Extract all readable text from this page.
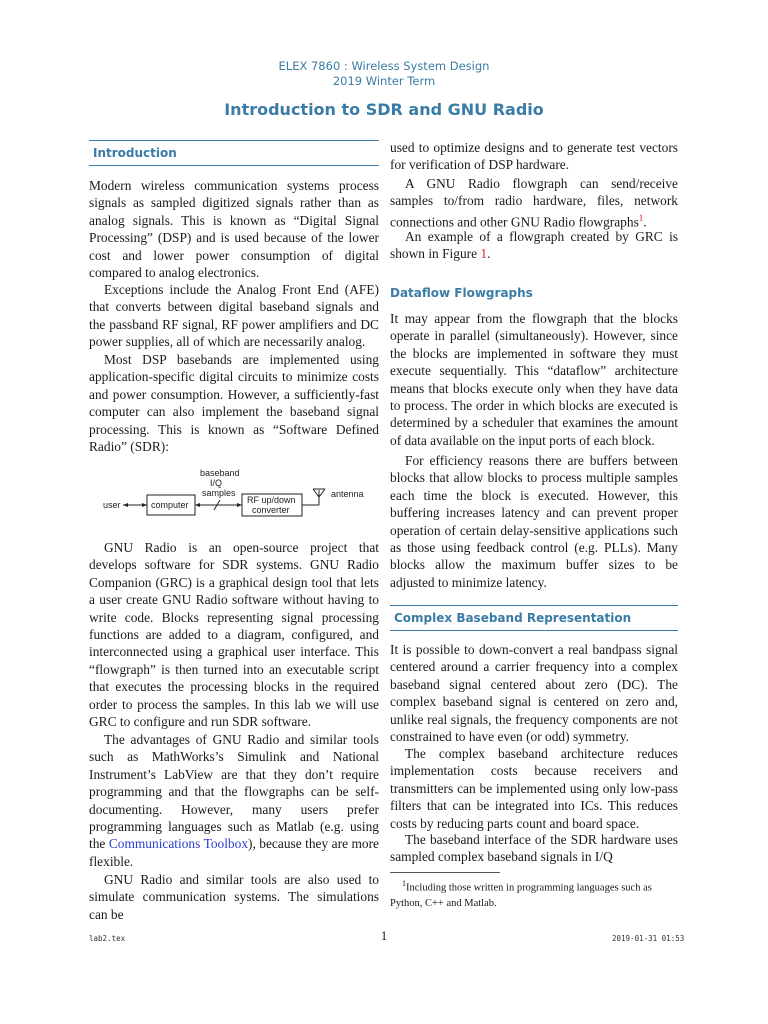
ELEX 7860 : Wireless System Design
2019 Winter Term
Introduction to SDR and GNU Radio
Introduction

Modern wireless communication systems process signals as sampled digitized signals rather than as analog signals. This is known as “Digital Signal Processing” (DSP) and is used because of the lower cost and lower power consumption of digital compared to analog electronics.

Exceptions include the Analog Front End (AFE) that converts between digital baseband signals and the passband RF signal, RF power amplifiers and DC power supplies, all of which are necessarily analog.

Most DSP basebands are implemented using application-specific digital circuits to minimize costs and power consumption. However, a sufficiently-fast computer can also implement the baseband signal processing. This is known as “Software Defined Radio” (SDR):

GNU Radio is an open-source project that develops software for SDR systems. GNU Radio Companion (GRC) is a graphical design tool that lets a user create GNU Radio software without having to write code. Blocks representing signal processing functions are added to a diagram, configured, and interconnected using a graphical user interface. This “flowgraph” is then turned into an executable script that executes the processing blocks in the required order to process the samples. In this lab we will use GRC to configure and run SDR software.

The advantages of GNU Radio and similar tools such as MathWorks’s Simulink and National Instrument’s LabView are that they don’t require programming and that the flowgraphs can be self-documenting. However, many users prefer programming languages such as Matlab (e.g. using the Communications Toolbox), because they are more flexible.

GNU Radio and similar tools are also used to simulate communication systems. The simulations can be

user	computer
baseband
I/Q
samples
RF up/down
converter
antenna

used to optimize designs and to generate test vectors for verification of DSP hardware.

A GNU Radio flowgraph can send/receive samples to/from radio hardware, files, network connections and other GNU Radio flowgraphs$^1$.

An example of a flowgraph created by GRC is shown in Figure 1.

Dataflow Flowgraphs

It may appear from the flowgraph that the blocks operate in parallel (simultaneously). However, since the blocks are implemented in software they must execute sequentially. This “dataflow” architecture means that blocks execute only when they have data to process. The order in which blocks are executed is determined by a scheduler that examines the amount of data available on the input ports of each block.

For efficiency reasons there are buffers between blocks that allow blocks to process multiple samples each time the block is executed. However, this buffering increases latency and can prevent proper operation of certain delay-sensitive applications such as those using feedback control (e.g. PLLs). Many blocks allow the maximum buffer sizes to be adjusted to minimize latency.

Complex Baseband Representation

It is possible to down-convert a real bandpass signal centered around a carrier frequency into a complex baseband signal centered about zero (DC). The complex baseband signal is centered on zero and, unlike real signals, the frequency components are not constrained to have even (or odd) symmetry.

The complex baseband architecture reduces implementation costs because receivers and transmitters can be implemented using only low-pass filters that can be integrated into ICs. This reduces costs by reducing parts count and board space.

The baseband interface of the SDR hardware uses sampled complex baseband signals in I/Q

$^1$Including those written in programming languages such as Python, C++ and Matlab.
lab2.tex	1	2019-01-31 01:53
